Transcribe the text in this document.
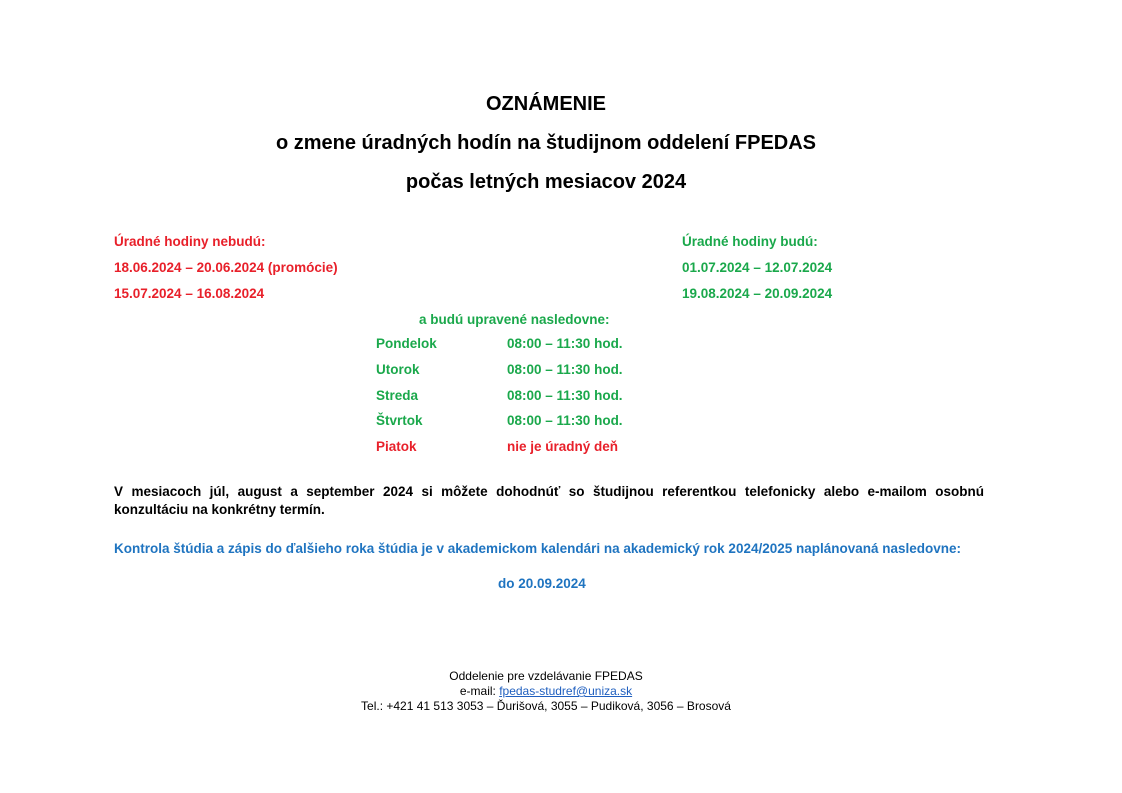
OZNÁMENIE
o zmene úradných hodín na študijnom oddelení FPEDAS
počas letných mesiacov 2024
Úradné hodiny nebudú:
18.06.2024 – 20.06.2024 (promócie)
15.07.2024 – 16.08.2024
Úradné hodiny budú:
01.07.2024 – 12.07.2024
19.08.2024 – 20.09.2024
a budú upravené nasledovne:
Pondelok	08:00 – 11:30 hod.
Utorok	08:00 – 11:30 hod.
Streda	08:00 – 11:30 hod.
Štvrtok	08:00 – 11:30 hod.
Piatok	nie je úradný deň
V mesiacoch júl, august a september 2024 si môžete dohodnúť so študijnou referentkou telefonicky alebo e-mailom osobnú konzultáciu na konkrétny termín.
Kontrola štúdia a zápis do ďalšieho roka štúdia je v akademickom kalendári na akademický rok 2024/2025 naplánovaná nasledovne:
do 20.09.2024
Oddelenie pre vzdelávanie FPEDAS
e-mail: fpedas-studref@uniza.sk
Tel.: +421 41 513 3053 – Ďurišová, 3055 – Pudiková, 3056 – Brosová
